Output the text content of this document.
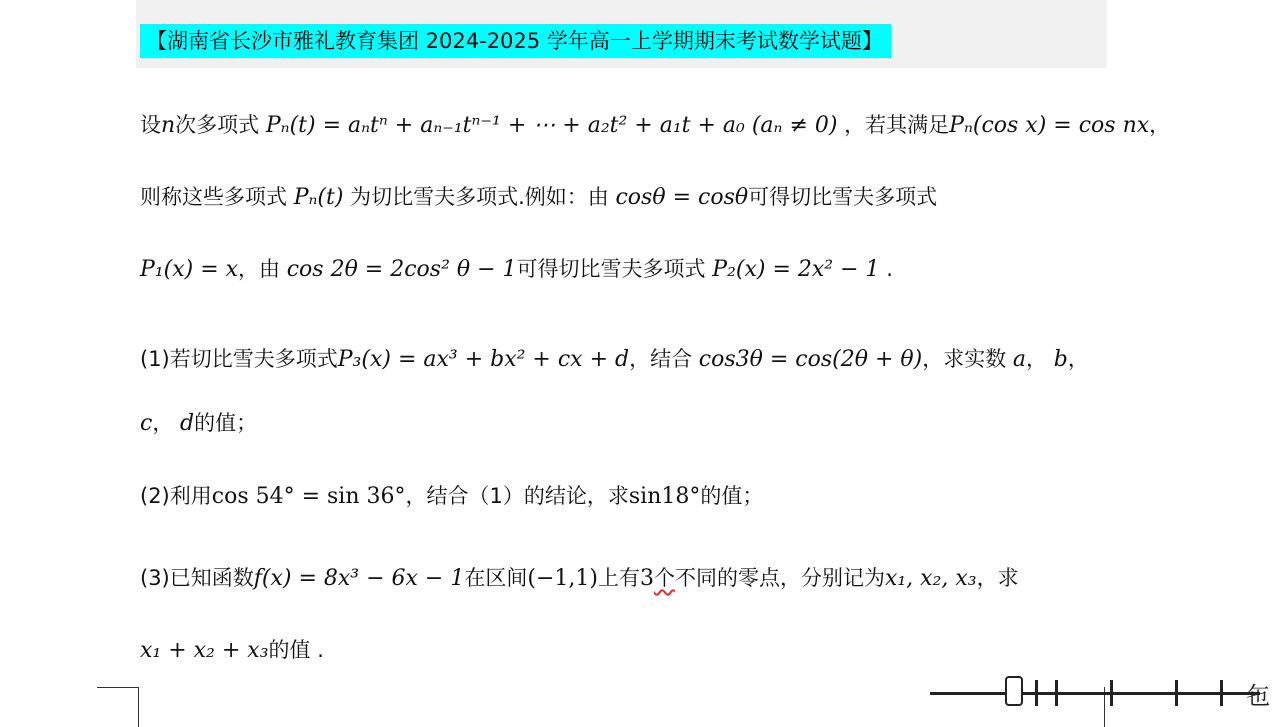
【湖南省长沙市雅礼教育集团 2024-2025 学年高一上学期期末考试数学试题】
设n次多项式 Pₙ(t) = aₙtⁿ + aₙ₋₁tⁿ⁻¹ + ⋯ + a₂t² + a₁t + a₀ (aₙ ≠ 0) ，若其满足Pₙ(cos x) = cos nx，
则称这些多项式 Pₙ(t) 为切比雪夫多项式.例如：由 cosθ = cosθ可得切比雪夫多项式
P₁(x) = x，由 cos 2θ = 2cos² θ − 1可得切比雪夫多项式 P₂(x) = 2x² − 1 .
(1)若切比雪夫多项式P₃(x) = ax³ + bx² + cx + d，结合 cos3θ = cos(2θ + θ)，求实数 a， b，
c， d的值；
(2)利用cos 54° = sin 36°，结合（1）的结论，求sin18°的值；
(3)已知函数f(x) = 8x³ − 6x − 1在区间(−1,1)上有3个不同的零点，分别记为x₁, x₂, x₃，求
x₁ + x₂ + x₃的值 .
㐌
